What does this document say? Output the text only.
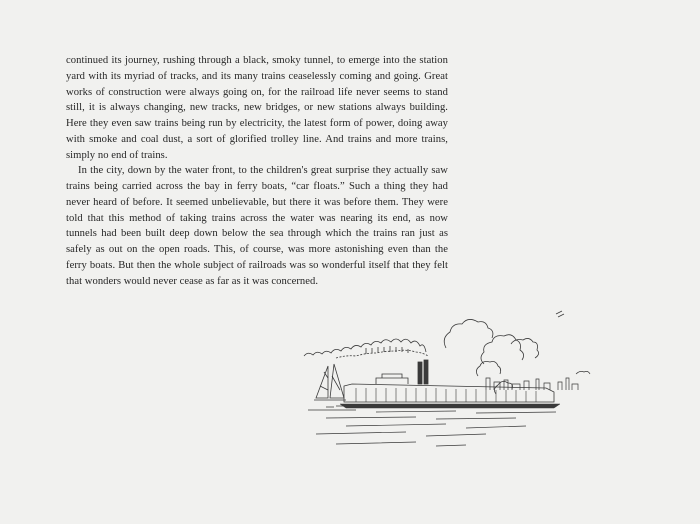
continued its journey, rushing through a black, smoky tunnel, to emerge into the station yard with its myriad of tracks, and its many trains ceaselessly coming and going. Great works of construction were always going on, for the railroad life never seems to stand still, it is always changing, new tracks, new bridges, or new stations always building. Here they even saw trains being run by electricity, the latest form of power, doing away with smoke and coal dust, a sort of glorified trolley line. And trains and more trains, simply no end of trains.

In the city, down by the water front, to the children's great surprise they actually saw trains being carried across the bay in ferry boats, “car floats.” Such a thing they had never heard of before. It seemed unbelievable, but there it was before them. They were told that this method of taking trains across the water was nearing its end, as now tunnels had been built deep down below the sea through which the trains ran just as safely as out on the open roads. This, of course, was more astonishing even than the ferry boats. But then the whole subject of railroads was so wonderful itself that they felt that wonders would never cease as far as it was concerned.
